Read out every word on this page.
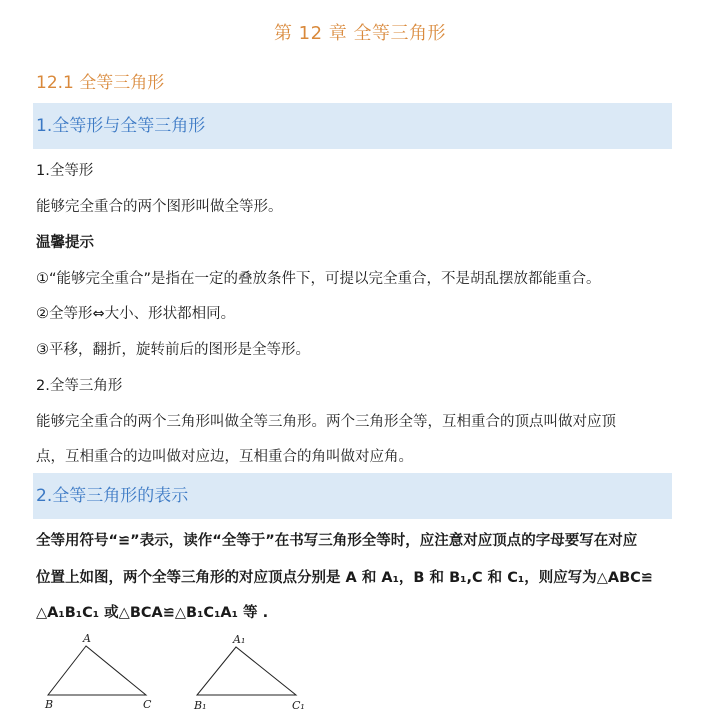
第 12 章 全等三角形
12.1 全等三角形
1.全等形与全等三角形
1.全等形
能够完全重合的两个图形叫做全等形。
温馨提示
①“能够完全重合”是指在一定的叠放条件下，可提以完全重合，不是胡乱摆放都能重合。
②全等形⇔大小、形状都相同。
③平移，翻折，旋转前后的图形是全等形。
2.全等三角形
能够完全重合的两个三角形叫做全等三角形。两个三角形全等，互相重合的顶点叫做对应顶
点，互相重合的边叫做对应边，互相重合的角叫做对应角。
2.全等三角形的表示
全等用符号“≌”表示，读作“全等于”在书写三角形全等时，应注意对应顶点的字母要写在对应
位置上如图，两个全等三角形的对应顶点分别是 A 和 A₁，B 和 B₁,C 和 C₁，则应写为△ABC≌
△A₁B₁C₁ 或△BCA≌△B₁C₁A₁ 等 .
A
B	C
A₁
B₁	C₁
